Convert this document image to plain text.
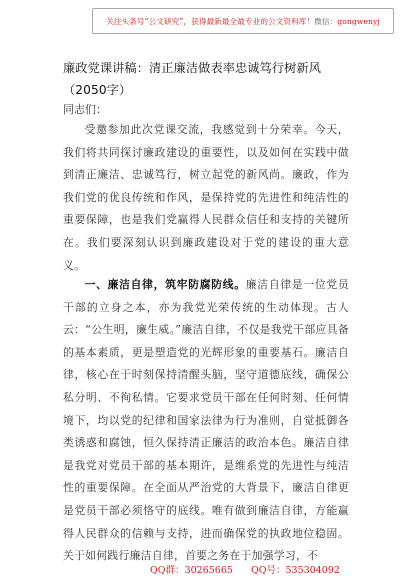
关注头条号 “公文研究”，获得最新最全最专业的公文资料库！ 微信： gongwenyj
廉政党课讲稿：清正廉洁做表率忠诚笃行树新风（2050字）
同志们：
受邀参加此次党课交流，我感觉到十分荣幸。今天，我们将共同探讨廉政建设的重要性，以及如何在实践中做到清正廉洁、忠诚笃行，树立起党的新风尚。廉政，作为我们党的优良传统和作风，是保持党的先进性和纯洁性的重要保障，也是我们党赢得人民群众信任和支持的关键所在。我们要深刻认识到廉政建设对于党的建设的重大意义。
一、廉洁自律，筑牢防腐防线。廉洁自律是一位党员干部的立身之本，亦为我党光荣传统的生动体现。古人云：“公生明，廉生威。”廉洁自律，不仅是我党干部应具备的基本素质，更是塑造党的光辉形象的重要基石。廉洁自律，核心在于时刻保持清醒头脑，坚守道德底线，确保公私分明、不徇私情。它要求党员干部在任何时刻、任何情境下，均以党的纪律和国家法律为行为准则，自觉抵御各类诱惑和腐蚀，恒久保持清正廉洁的政治本色。廉洁自律是我党对党员干部的基本期许，是维系党的先进性与纯洁性的重要保障。在全面从严治党的大背景下，廉洁自律更是党员干部必须恪守的底线。唯有做到廉洁自律，方能赢得人民群众的信赖与支持，进而确保党的执政地位稳固。关于如何践行廉洁自律，首要之务在于加强学习，不
QQ群：30265665 QQ号：535304092
